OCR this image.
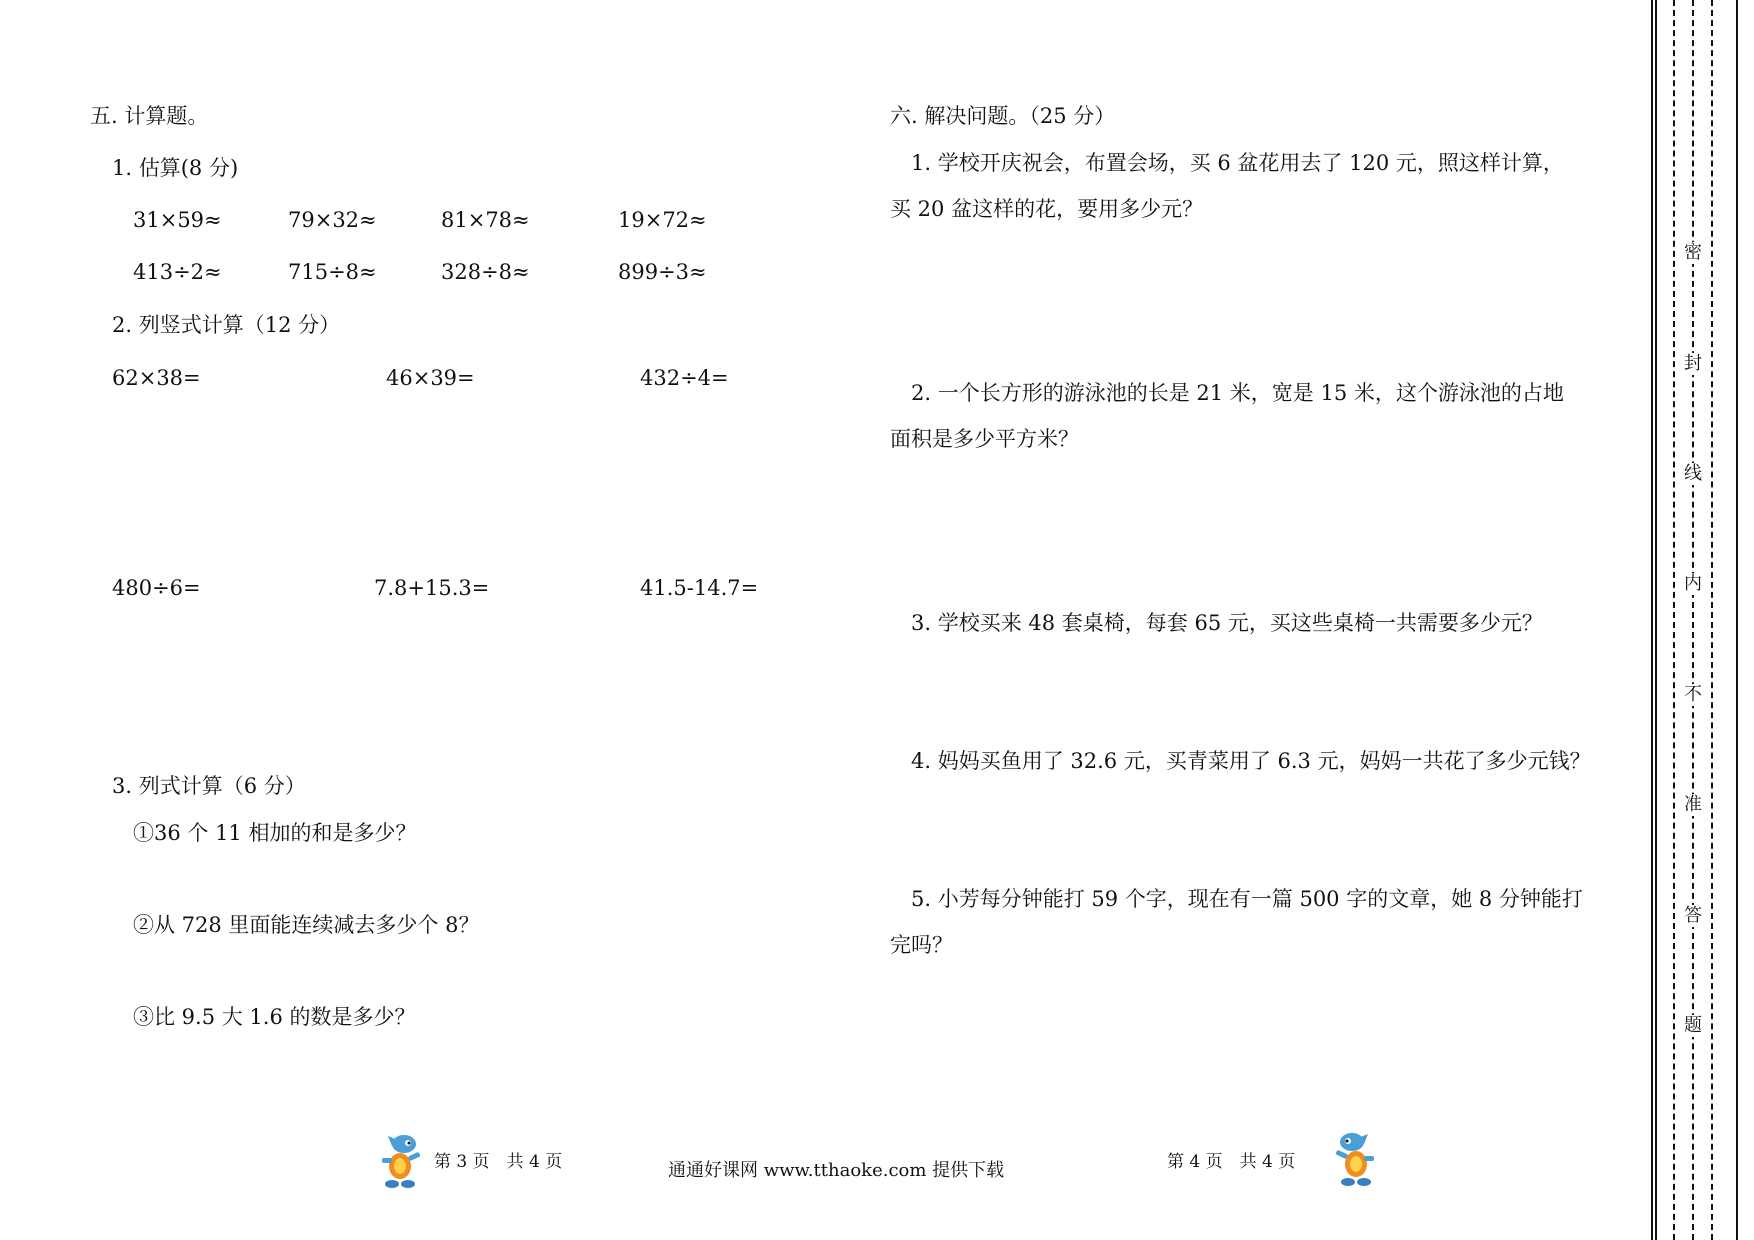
五. 计算题。
1. 估算(8 分)
31×59≈	79×32≈	81×78≈	19×72≈
413÷2≈	715÷8≈	328÷8≈	899÷3≈
2. 列竖式计算（12 分）
62×38=	46×39=	432÷4=
480÷6=	7.8+15.3=	41.5-14.7=
3. 列式计算（6 分）
①36 个 11 相加的和是多少？
②从 728 里面能连续减去多少个 8？
③比 9.5 大 1.6 的数是多少？
六. 解决问题。（25 分）
1. 学校开庆祝会，布置会场，买 6 盆花用去了 120 元，照这样计算，
买 20 盆这样的花，要用多少元？
2. 一个长方形的游泳池的长是 21 米，宽是 15 米，这个游泳池的占地
面积是多少平方米？
3. 学校买来 48 套桌椅，每套 65 元，买这些桌椅一共需要多少元？
4. 妈妈买鱼用了 32.6 元，买青菜用了 6.3 元，妈妈一共花了多少元钱？
5. 小芳每分钟能打 59 个字，现在有一篇 500 字的文章，她 8 分钟能打
完吗？
第 3 页　共 4 页	通通好课网 www.tthaoke.com 提供下载	第 4 页　共 4 页
密
封
线
内
不
准
答
题
